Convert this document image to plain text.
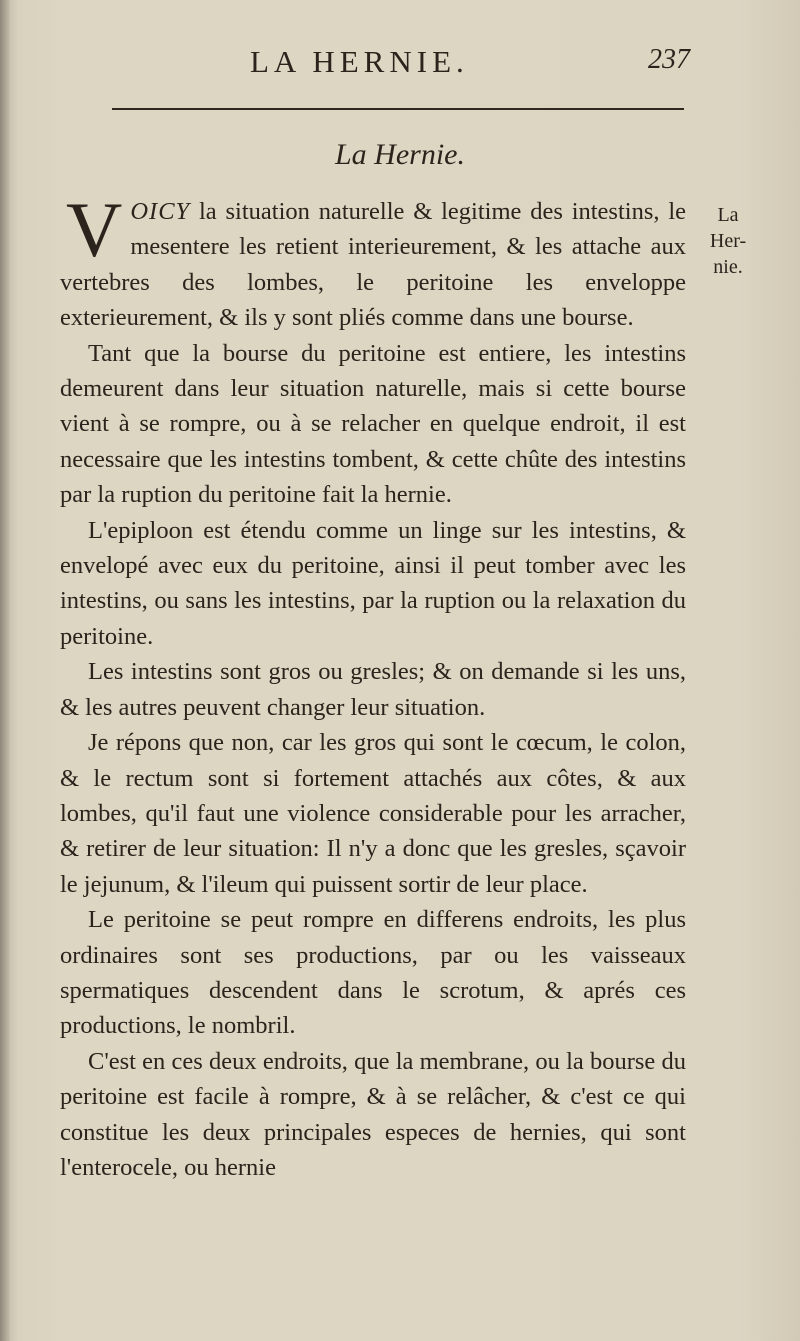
LA HERNIE.	237
La Hernie.
La
Her-
nie.

VOICY la situation naturelle & legitime des intestins, le mesentere les retient interieurement, & les attache aux vertebres des lombes, le peritoine les enveloppe exterieurement, & ils y sont pliés comme dans une bourse.

Tant que la bourse du peritoine est entiere, les intestins demeurent dans leur situation naturelle, mais si cette bourse vient à se rompre, ou à se relacher en quelque endroit, il est necessaire que les intestins tombent, & cette chûte des intestins par la ruption du peritoine fait la hernie.

L'epiploon est étendu comme un linge sur les intestins, & envelopé avec eux du peritoine, ainsi il peut tomber avec les intestins, ou sans les intestins, par la ruption ou la relaxation du peritoine.

Les intestins sont gros ou gresles; & on demande si les uns, & les autres peuvent changer leur situation.

Je répons que non, car les gros qui sont le cœcum, le colon, & le rectum sont si fortement attachés aux côtes, & aux lombes, qu'il faut une violence considerable pour les arracher, & retirer de leur situation: Il n'y a donc que les gresles, sçavoir le jejunum, & l'ileum qui puissent sortir de leur place.

Le peritoine se peut rompre en differens endroits, les plus ordinaires sont ses productions, par ou les vaisseaux spermatiques descendent dans le scrotum, & aprés ces productions, le nombril.

C'est en ces deux endroits, que la membrane, ou la bourse du peritoine est facile à rompre, & à se relâcher, & c'est ce qui constitue les deux principales especes de hernies, qui sont l'enterocele, ou hernie
